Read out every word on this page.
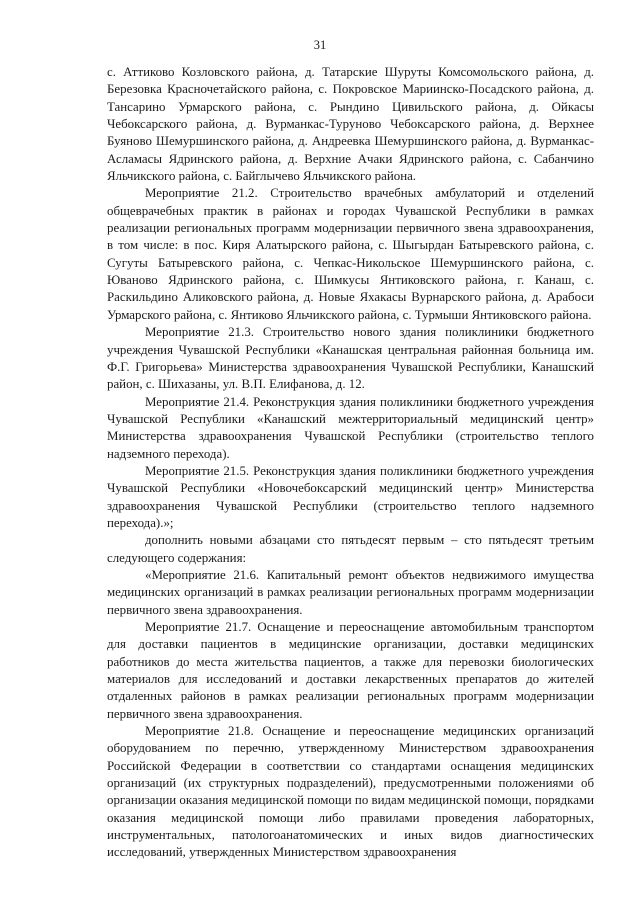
31

с. Аттиково Козловского района, д. Татарские Шуруты Комсомольского района, д. Березовка Красночетайского района, с. Покровское Мариинско-Посадского района, д. Тансарино Урмарского района, с. Рындино Цивильского района, д. Ойкасы Чебоксарского района, д. Вурманкас-Туруново Чебоксарского района, д. Верхнее Буяново Шемуршинского района, д. Андреевка Шемуршинского района, д. Вурманкас-Асламасы Ядринского района, д. Верхние Ачаки Ядринского района, с. Сабанчино Яльчикского района, с. Байглычево Яльчикского района.

Мероприятие 21.2. Строительство врачебных амбулаторий и отделений общеврачебных практик в районах и городах Чувашской Республики в рамках реализации региональных программ модернизации первичного звена здравоохранения, в том числе: в пос. Киря Алатырского района, с. Шыгырдан Батыревского района, с. Сугуты Батыревского района, с. Чепкас-Никольское Шемуршинского района, с. Юваново Ядринского района, с. Шимкусы Янтиковского района, г. Канаш, с. Раскильдино Аликовского района, д. Новые Яхакасы Вурнарского района, д. Арабоси Урмарского района, с. Янтиково Яльчикского района, с. Турмыши Янтиковского района.

Мероприятие 21.3. Строительство нового здания поликлиники бюджетного учреждения Чувашской Республики «Канашская центральная районная больница им. Ф.Г. Григорьева» Министерства здравоохранения Чувашской Республики, Канашский район, с. Шихазаны, ул. В.П. Елифанова, д. 12.

Мероприятие 21.4. Реконструкция здания поликлиники бюджетного учреждения Чувашской Республики «Канашский межтерриториальный медицинский центр» Министерства здравоохранения Чувашской Республики (строительство теплого надземного перехода).

Мероприятие 21.5. Реконструкция здания поликлиники бюджетного учреждения Чувашской Республики «Новочебоксарский медицинский центр» Министерства здравоохранения Чувашской Республики (строительство теплого надземного перехода).»;

дополнить новыми абзацами сто пятьдесят первым – сто пятьдесят третьим следующего содержания:

«Мероприятие 21.6. Капитальный ремонт объектов недвижимого имущества медицинских организаций в рамках реализации региональных программ модернизации первичного звена здравоохранения.

Мероприятие 21.7. Оснащение и переоснащение автомобильным транспортом для доставки пациентов в медицинские организации, доставки медицинских работников до места жительства пациентов, а также для перевозки биологических материалов для исследований и доставки лекарственных препаратов до жителей отдаленных районов в рамках реализации региональных программ модернизации первичного звена здравоохранения.

Мероприятие 21.8. Оснащение и переоснащение медицинских организаций оборудованием по перечню, утвержденному Министерством здравоохранения Российской Федерации в соответствии со стандартами оснащения медицинских организаций (их структурных подразделений), предусмотренными положениями об организации оказания медицинской помощи по видам медицинской помощи, порядками оказания медицинской помощи либо правилами проведения лабораторных, инструментальных, патологоанатомических и иных видов диагностических исследований, утвержденных Министерством здравоохранения
